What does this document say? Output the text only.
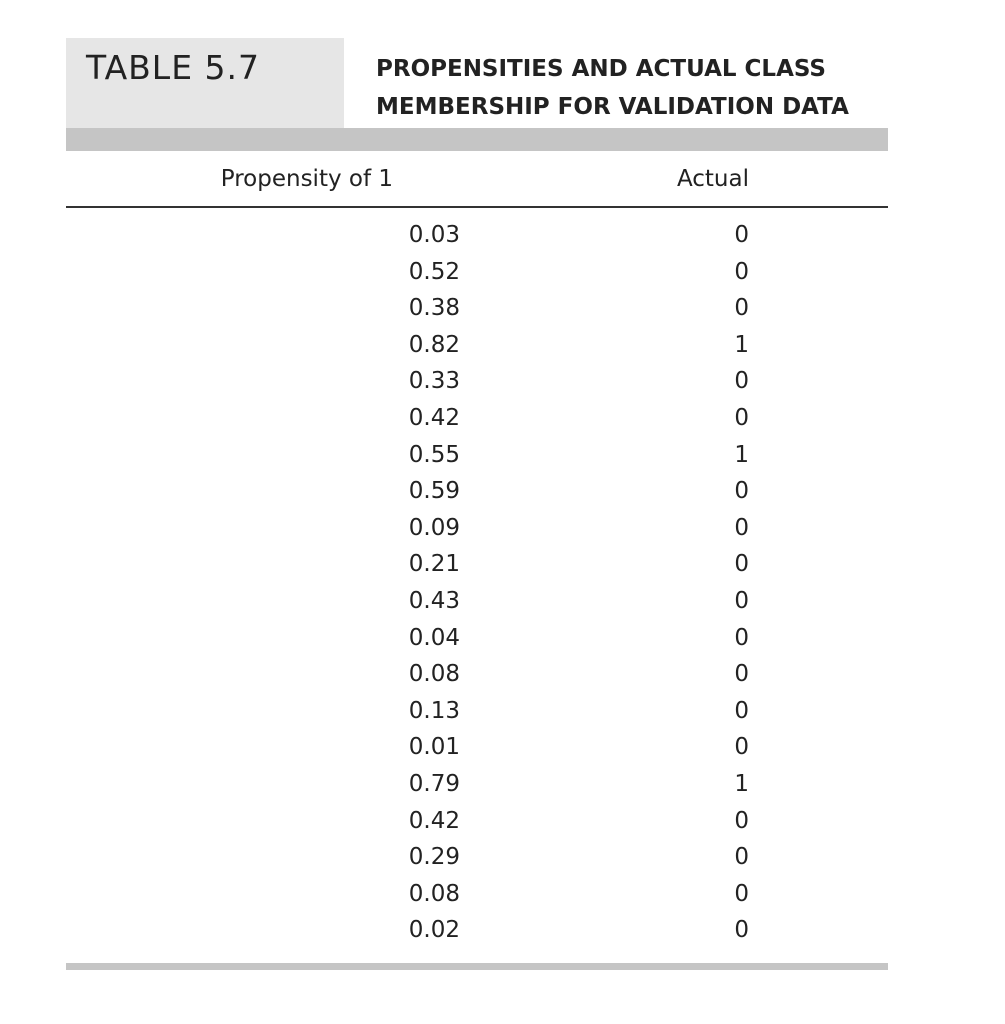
TABLE 5.7	PROPENSITIES AND ACTUAL CLASS
MEMBERSHIP FOR VALIDATION DATA
Propensity of 1	Actual
0.03	0
0.52	0
0.38	0
0.82	1
0.33	0
0.42	0
0.55	1
0.59	0
0.09	0
0.21	0
0.43	0
0.04	0
0.08	0
0.13	0
0.01	0
0.79	1
0.42	0
0.29	0
0.08	0
0.02	0
